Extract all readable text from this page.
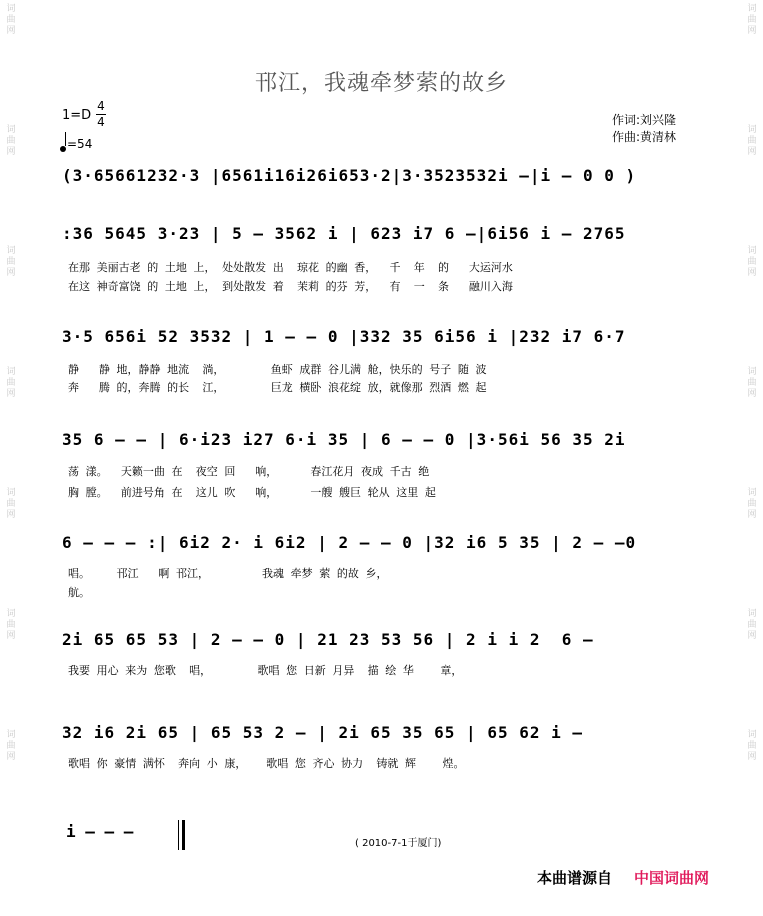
词
曲
网
词
曲
网
词
曲
网
词
曲
网
词
曲
网
词
曲
网
词
曲
网
词
曲
网
词
曲
网
词
曲
网
词
曲
网
词
曲
网
词
曲
网
词
曲
网
邗江，我魂牵梦萦的故乡
1=D
4
4
=54
作词:刘兴隆
作曲:黄清林
(3·65661232·3 |6561i16i26i653·2|3·3523532i –|i – 0 0 )
:36 5645 3·23 | 5 – 3562 i | 623 i7 6 –|6i56 i – 2765
在那 美丽古老 的 土地 上， 处处散发 出  琼花 的幽 香，  千  年  的   大运河水
在这 神奇富饶 的 土地 上， 到处散发 着  茉莉 的芬 芳，  有  一  条   融川入海
3·5 656i 52 3532 | 1 – – 0 |332 35 6i56 i |232 i7 6·7
静   静 地，静静 地流  淌，       鱼虾 成群 谷儿满 舱，快乐的 号子 随 波
奔   腾 的，奔腾 的长  江，       巨龙 横卧 浪花绽 放，就像那 烈酒 燃 起
35 6 – – | 6·i23 i27 6·i 35 | 6 – – 0 |3·56i 56 35 2i
荡 漾。  天籁一曲 在  夜空 回   响，     春江花月 夜成 千古 绝
胸 膛。  前进号角 在  这儿 吹   响，     一艘 艘巨 轮从 这里 起
6 – – – :| 6i2 2· i 6i2 | 2 – – 0 |32 i6 5 35 | 2 – –0
唱。    邗江   啊 邗江，        我魂 牵梦 萦 的故 乡，
航。
2i 65 65 53 | 2 – – 0 | 21 23 53 56 | 2 i i 2  6 –
我要 用心 来为 您歌  唱，       歌唱 您 日新 月异  描 绘 华    章，
32 i6 2i 65 | 65 53 2 – | 2i 65 35 65 | 65 62 i –
歌唱 你 豪情 满怀  奔向 小 康，   歌唱 您 齐心 协力  铸就 辉    煌。
i – – –
( 2010-7-1于厦门)
本曲谱源自 中国词曲网
